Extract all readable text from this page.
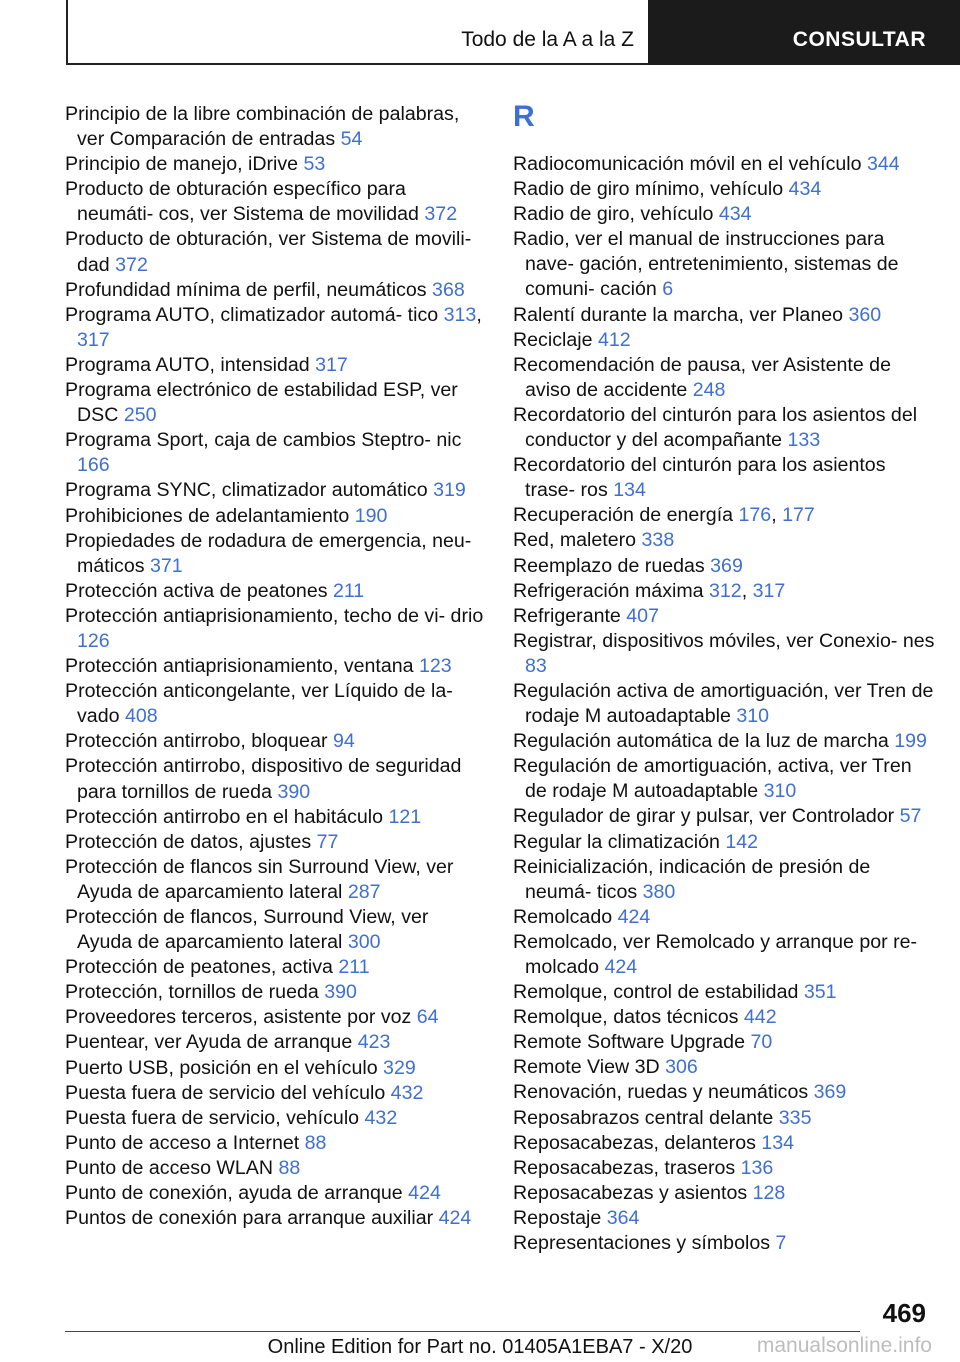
Todo de la A a la Z	CONSULTAR
Principio de la libre combinación de palabras, ver Comparación de entradas 54
Principio de manejo, iDrive 53
Producto de obturación específico para neumáti- cos, ver Sistema de movilidad 372
Producto de obturación, ver Sistema de movili- dad 372
Profundidad mínima de perfil, neumáticos 368
Programa AUTO, climatizador automá- tico 313, 317
Programa AUTO, intensidad 317
Programa electrónico de estabilidad ESP, ver DSC 250
Programa Sport, caja de cambios Steptro- nic 166
Programa SYNC, climatizador automático 319
Prohibiciones de adelantamiento 190
Propiedades de rodadura de emergencia, neu- máticos 371
Protección activa de peatones 211
Protección antiaprisionamiento, techo de vi- drio 126
Protección antiaprisionamiento, ventana 123
Protección anticongelante, ver Líquido de la- vado 408
Protección antirrobo, bloquear 94
Protección antirrobo, dispositivo de seguridad para tornillos de rueda 390
Protección antirrobo en el habitáculo 121
Protección de datos, ajustes 77
Protección de flancos sin Surround View, ver Ayuda de aparcamiento lateral 287
Protección de flancos, Surround View, ver Ayuda de aparcamiento lateral 300
Protección de peatones, activa 211
Protección, tornillos de rueda 390
Proveedores terceros, asistente por voz 64
Puentear, ver Ayuda de arranque 423
Puerto USB, posición en el vehículo 329
Puesta fuera de servicio del vehículo 432
Puesta fuera de servicio, vehículo 432
Punto de acceso a Internet 88
Punto de acceso WLAN 88
Punto de conexión, ayuda de arranque 424
Puntos de conexión para arranque auxiliar 424
R
Radiocomunicación móvil en el vehículo 344
Radio de giro mínimo, vehículo 434
Radio de giro, vehículo 434
Radio, ver el manual de instrucciones para nave- gación, entretenimiento, sistemas de comuni- cación 6
Ralentí durante la marcha, ver Planeo 360
Reciclaje 412
Recomendación de pausa, ver Asistente de aviso de accidente 248
Recordatorio del cinturón para los asientos del conductor y del acompañante 133
Recordatorio del cinturón para los asientos trase- ros 134
Recuperación de energía 176, 177
Red, maletero 338
Reemplazo de ruedas 369
Refrigeración máxima 312, 317
Refrigerante 407
Registrar, dispositivos móviles, ver Conexio- nes 83
Regulación activa de amortiguación, ver Tren de rodaje M autoadaptable 310
Regulación automática de la luz de marcha 199
Regulación de amortiguación, activa, ver Tren de rodaje M autoadaptable 310
Regulador de girar y pulsar, ver Controlador 57
Regular la climatización 142
Reinicialización, indicación de presión de neumá- ticos 380
Remolcado 424
Remolcado, ver Remolcado y arranque por re- molcado 424
Remolque, control de estabilidad 351
Remolque, datos técnicos 442
Remote Software Upgrade 70
Remote View 3D 306
Renovación, ruedas y neumáticos 369
Reposabrazos central delante 335
Reposacabezas, delanteros 134
Reposacabezas, traseros 136
Reposacabezas y asientos 128
Repostaje 364
Representaciones y símbolos 7
469
Online Edition for Part no. 01405A1EBA7 - X/20	manualsonline.info
